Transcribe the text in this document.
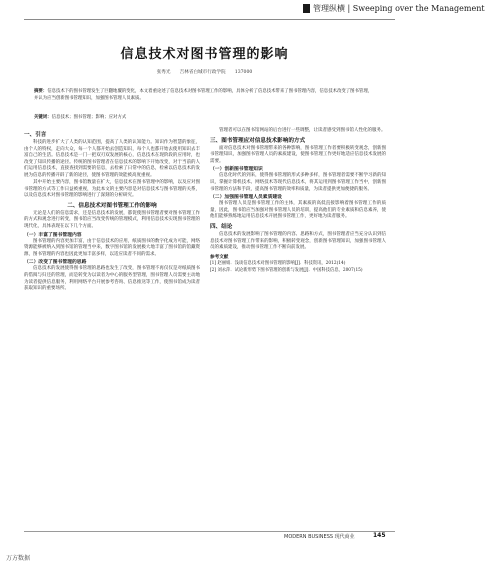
管理纵横 | Sweeping over the Management
信息技术对图书管理的影响
张秀光　　吉林省白城市行政学院　　137000
摘要：信息技术下的图书管理发生了巨翻地覆的变化，本文着重论述了信息技术对图书管理工作的影响，具体分析了信息技术带来了图书管理内容，信息技术改变了图书管理，并认为应当创新图书管理知识，加强图书管理人员素质。
关键词：信息技术；图书管理；影响；应对方式
一、引言

科技的进步扩大了人类的认知范围，提高了人类的认知能力。知识作为智慧的象征，由个人的特权，走向大众，每一个人都开始去创造知识，每个人也都开始去使用知识去丰富自己的生活。信息技术是一门一把双刃双发展的核心，信息技术在现阶段的应用时，也改变了知识传播的途径。传统的图书管理者在信息技术的影响下开始改变，对于当前的人们运用信息技术，直接查找到需要的信息，去检索了日常中的信息，检索以信息技术的发展为信息的传播开辟了新的途径，使图书管理的效能被高度重视。

其中开始主要内容，图书馆数量在扩大，信息技术在图书管理中的影响，以及应对图书管理的方式等工作日益被重视，为此本文的主要内容是对信息技术与图书管理的关系，以及信息技术对图书管理的影响进行了深刻的分析研究。

二、信息技术对图书管理工作的影响

无论是人们的信息需求，还是信息技术的发展，都促使图书管理者要对图书管理工作的方式和观念进行转变，图书馆应当改变传统的管理模式，利用信息技术实现图书管理的现代化，具体表现在以下几个方面。

（一）丰富了图书管理内容

图书管理的内容更加丰富，由于信息技术的应用，纸质图书的数字化成为可能，网络资源能够被纳入到图书馆的管理当中来，数字图书馆的发展极大地丰富了图书馆的馆藏资源，图书管理的内容也因此更加丰富多样，以适应读者不同的需求。

（二）改变了图书管理的思路

信息技术的发展使得图书管理的思路也发生了改变，图书管理不再仅仅是对纸质图书的借阅与归还的管理，而是转变为以读者为中心的服务型管理，图书管理人员需要主动地为读者提供信息服务，利用网络平台开展参考咨询、信息推送等工作，使图书馆成为读者获取知识的重要场所。

管理者可以在图书馆网站的后台进行一些调整，让读者感受到图书馆人性化的服务。

三、图书管理应对信息技术影响的方式

面对信息技术对图书管理带来的各种影响，图书管理工作者要积极转变观念，创新图书管理知识，加强图书管理人员的素质建设，使图书管理工作更好地适应信息技术发展的需要。

（一）创新图书管理知识

信息化时代的到来，使得图书管理的形式多种多样，图书管理者需要不断学习新的知识，掌握计算机技术、网络技术等现代信息技术，将其运用到图书管理工作当中，创新图书管理的方法和手段，提高图书管理的效率和质量，为读者提供更加便捷的服务。

（二）加强图书管理人员素质建设

图书管理人员是图书管理工作的主体，其素质的高低直接影响着图书管理工作的质量，因此，图书馆应当加强对图书管理人员的培训，提高他们的专业素质和信息素养，使他们能够熟练地运用信息技术开展图书管理工作，更好地为读者服务。

四、结论

信息技术的发展影响了图书管理的内容、思路和方式，图书管理者应当充分认识到信息技术对图书管理工作带来的影响，积极转变观念，创新图书管理知识，加强图书管理人员的素质建设，推动图书管理工作不断向前发展。

参考文献

[1] 赵丽娟．浅谈信息技术对图书管理的影响[J]．科技资讯，2012(14)

[2] 刘永萍．试论新形势下图书管理的创新与发展[J]．中国科技信息，2007(15)

MODERN BUSINESS 现代商业	145
万方数据
